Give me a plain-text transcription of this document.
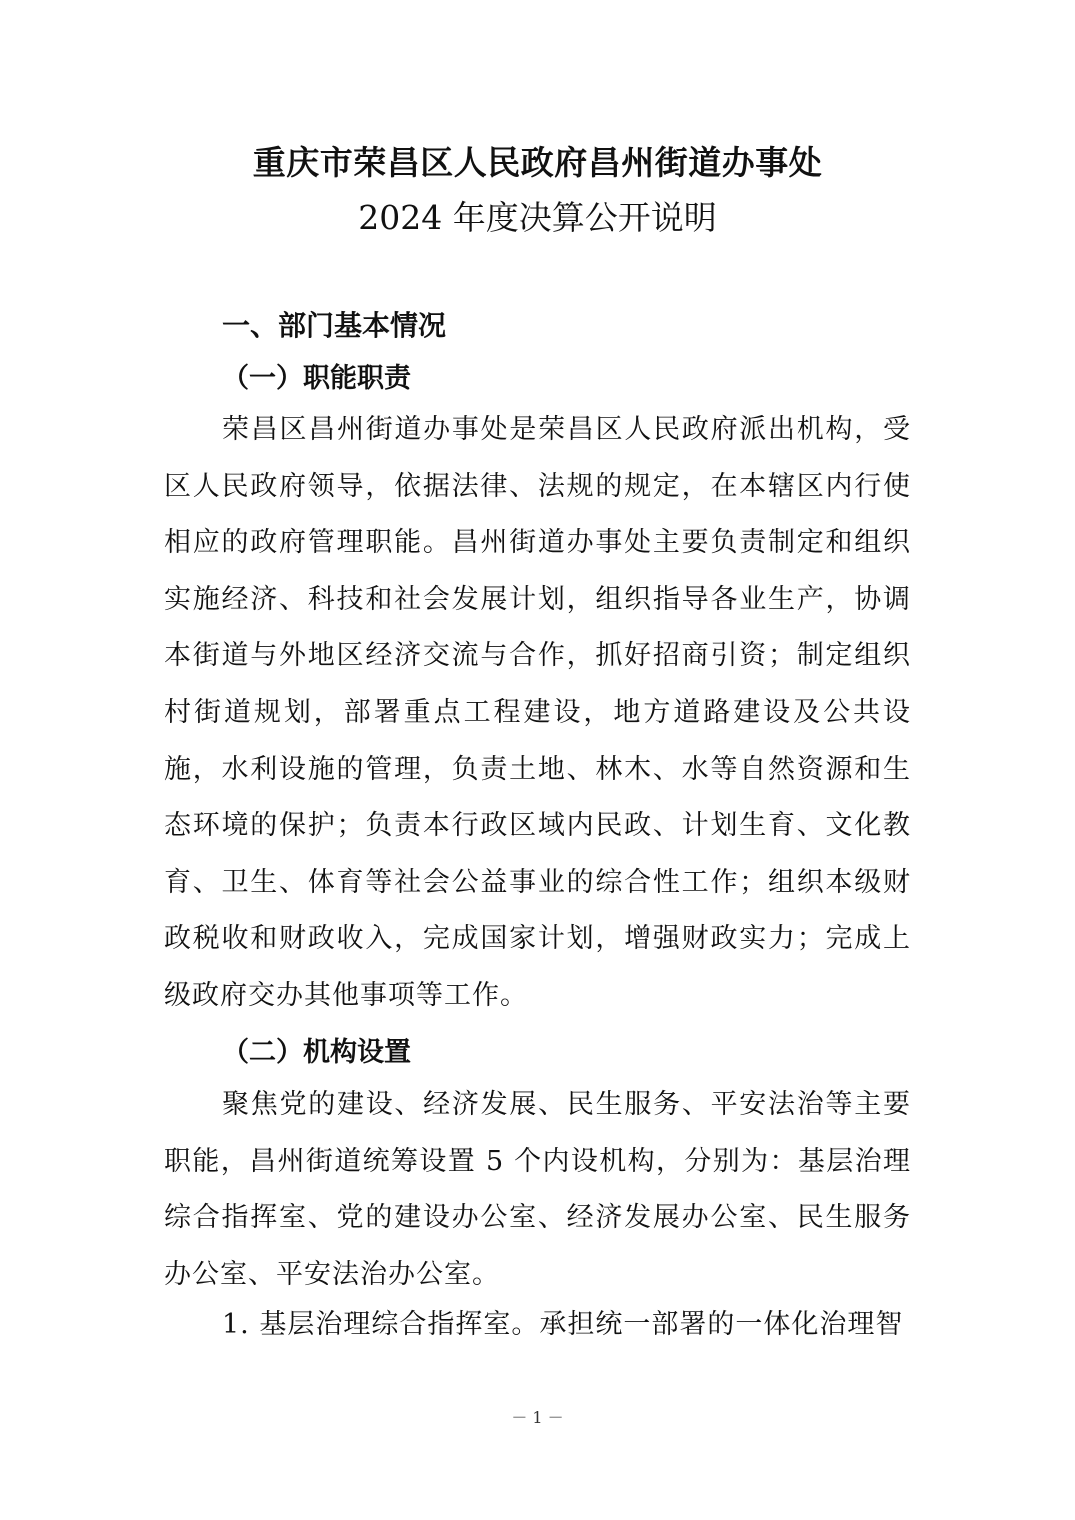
重庆市荣昌区人民政府昌州街道办事处
2024 年度决算公开说明
一、部门基本情况
（一）职能职责

荣昌区昌州街道办事处是荣昌区人民政府派出机构，受区人民政府领导，依据法律、法规的规定，在本辖区内行使相应的政府管理职能。昌州街道办事处主要负责制定和组织实施经济、科技和社会发展计划，组织指导各业生产，协调本街道与外地区经济交流与合作，抓好招商引资；制定组织村街道规划，部署重点工程建设，地方道路建设及公共设施，水利设施的管理，负责土地、林木、水等自然资源和生态环境的保护；负责本行政区域内民政、计划生育、文化教育、卫生、体育等社会公益事业的综合性工作；组织本级财政税收和财政收入，完成国家计划，增强财政实力；完成上级政府交办其他事项等工作。

（二）机构设置

聚焦党的建设、经济发展、民生服务、平安法治等主要职能，昌州街道统筹设置 5 个内设机构，分别为：基层治理综合指挥室、党的建设办公室、经济发展办公室、民生服务办公室、平安法治办公室。

1. 基层治理综合指挥室。承担统一部署的一体化治理智

－ 1 －
